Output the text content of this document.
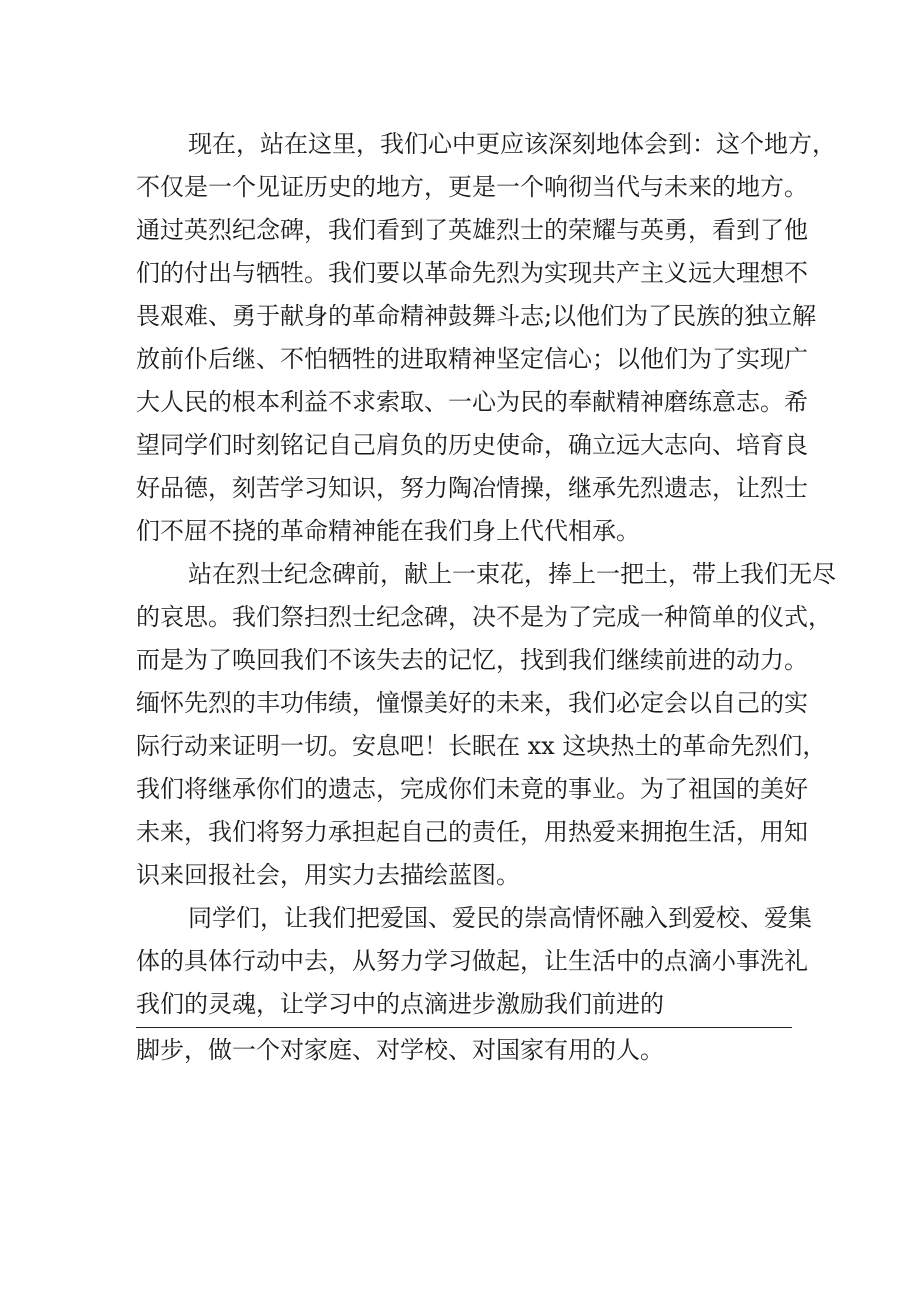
现在，站在这里，我们心中更应该深刻地体会到：这个地方，
不仅是一个见证历史的地方，更是一个响彻当代与未来的地方。
通过英烈纪念碑，我们看到了英雄烈士的荣耀与英勇，看到了他
们的付出与牺牲。我们要以革命先烈为实现共产主义远大理想不
畏艰难、勇于献身的革命精神鼓舞斗志;以他们为了民族的独立解
放前仆后继、不怕牺牲的进取精神坚定信心；以他们为了实现广
大人民的根本利益不求索取、一心为民的奉献精神磨练意志。希
望同学们时刻铭记自己肩负的历史使命，确立远大志向、培育良
好品德，刻苦学习知识，努力陶冶情操，继承先烈遗志，让烈士
们不屈不挠的革命精神能在我们身上代代相承。
站在烈士纪念碑前，献上一束花，捧上一把土，带上我们无尽
的哀思。我们祭扫烈士纪念碑，决不是为了完成一种简单的仪式，
而是为了唤回我们不该失去的记忆，找到我们继续前进的动力。
缅怀先烈的丰功伟绩，憧憬美好的未来，我们必定会以自己的实
际行动来证明一切。安息吧！长眠在 xx 这块热土的革命先烈们，
我们将继承你们的遗志，完成你们未竟的事业。为了祖国的美好
未来，我们将努力承担起自己的责任，用热爱来拥抱生活，用知
识来回报社会，用实力去描绘蓝图。
同学们，让我们把爱国、爱民的崇高情怀融入到爱校、爱集
体的具体行动中去，从努力学习做起，让生活中的点滴小事洗礼
我们的灵魂，让学习中的点滴进步激励我们前进的
脚步，做一个对家庭、对学校、对国家有用的人。
